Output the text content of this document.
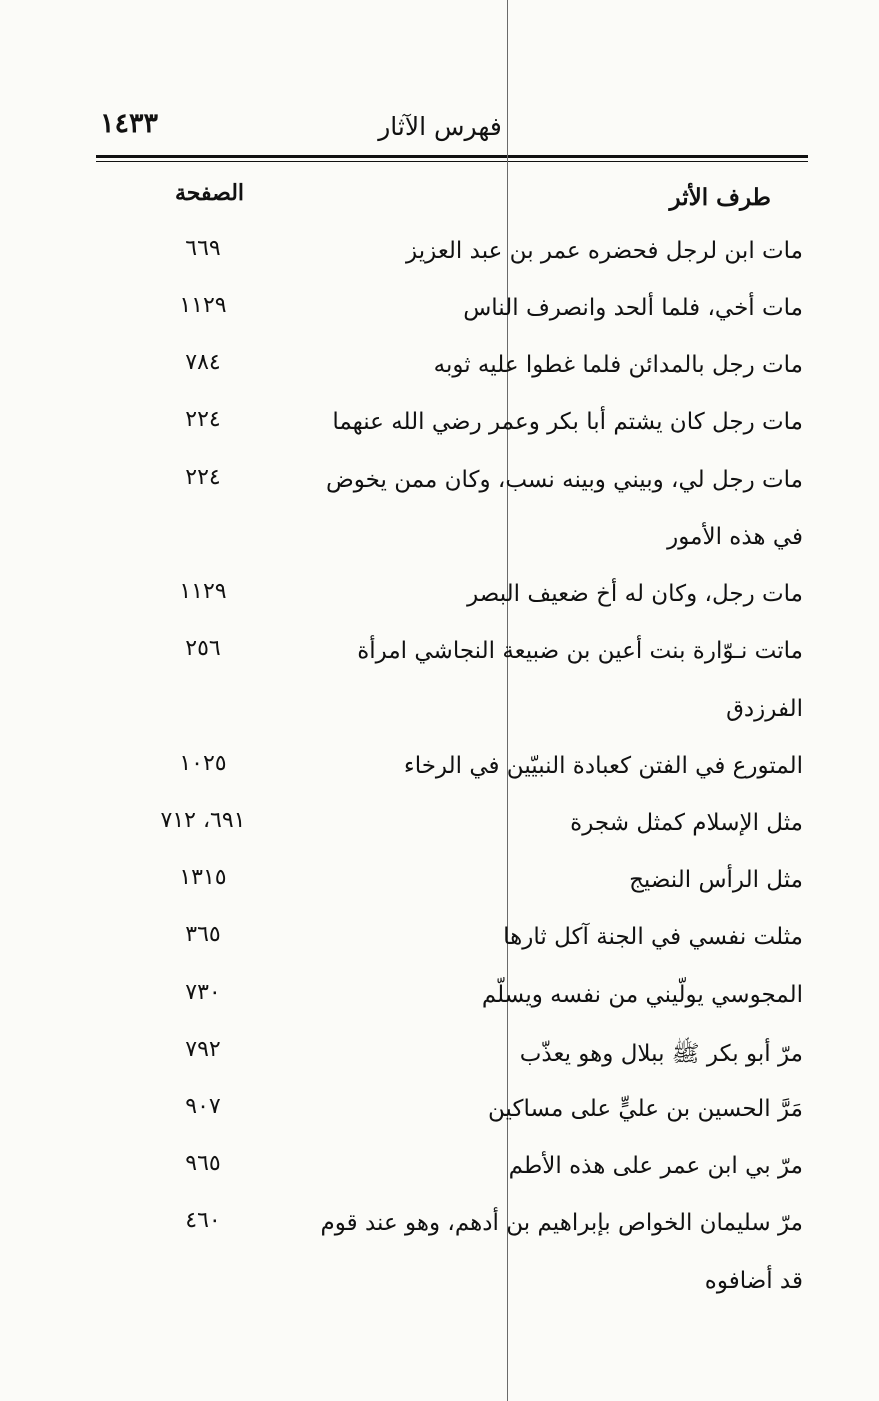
فهرس الآثار
١٤٣٣
طرف الأثر
الصفحة
مات ابن لرجل فحضره عمر بن عبد العزيز
٦٦٩
مات أخي، فلما ألحد وانصرف الناس
١١٢٩
مات رجل بالمدائن فلما غطوا عليه ثوبه
٧٨٤
مات رجل كان يشتم أبا بكر وعمر رضي الله عنهما
٢٢٤
مات رجل لي، وبيني وبينه نسب، وكان ممن يخوض
٢٢٤
في هذه الأمور
مات رجل، وكان له أخ ضعيف البصر
١١٢٩
ماتت نـوّارة بنت أعين بن ضبيعة النجاشي امرأة
٢٥٦
الفرزدق
المتورع في الفتن كعبادة النبيّين في الرخاء
١٠٢٥
مثل الإسلام كمثل شجرة
٦٩١، ٧١٢
مثل الرأس النضيج
١٣١٥
مثلت نفسي في الجنة آكل ثارها
٣٦٥
المجوسي يولّيني من نفسه ويسلّم
٧٣٠
مرّ أبو بكر ﷺ ببلال وهو يعذّب
٧٩٢
مَرَّ الحسين بن عليٍّ على مساكين
٩٠٧
مرّ بي ابن عمر على هذه الأطم
٩٦٥
مرّ سليمان الخواص بإبراهيم بن أدهم، وهو عند قوم
٤٦٠
قد أضافوه
